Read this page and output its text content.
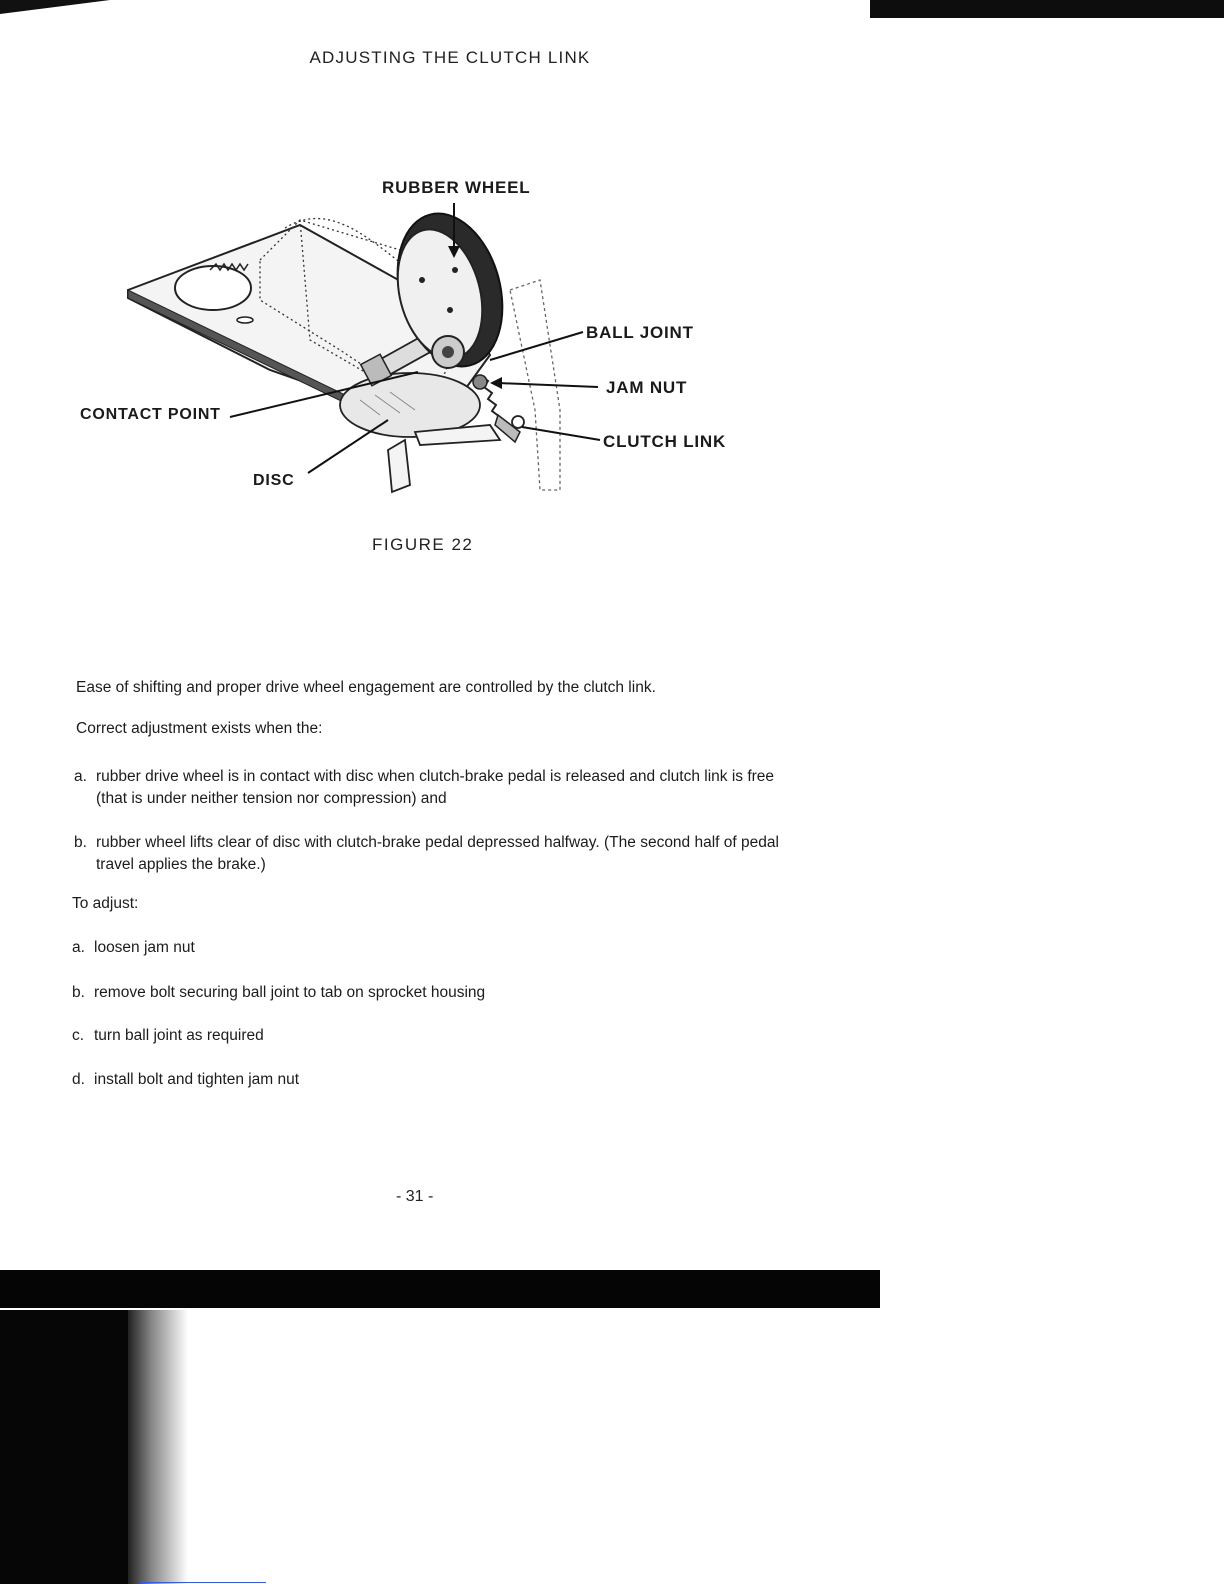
ADJUSTING THE CLUTCH LINK
RUBBER WHEEL
BALL JOINT
JAM NUT
CLUTCH LINK
CONTACT POINT
DISC
FIGURE 22
Ease of shifting and proper drive wheel engagement are controlled by the clutch link.
Correct adjustment exists when the:
a. rubber drive wheel is in contact with disc when clutch-brake pedal is released and clutch link is free (that is under neither tension nor compression) and
b. rubber wheel lifts clear of disc with clutch-brake pedal depressed halfway. (The second half of pedal travel applies the brake.)
To adjust:
a. loosen jam nut
b. remove bolt securing ball joint to tab on sprocket housing
c. turn ball joint as required
d. install bolt and tighten jam nut
- 31 -
